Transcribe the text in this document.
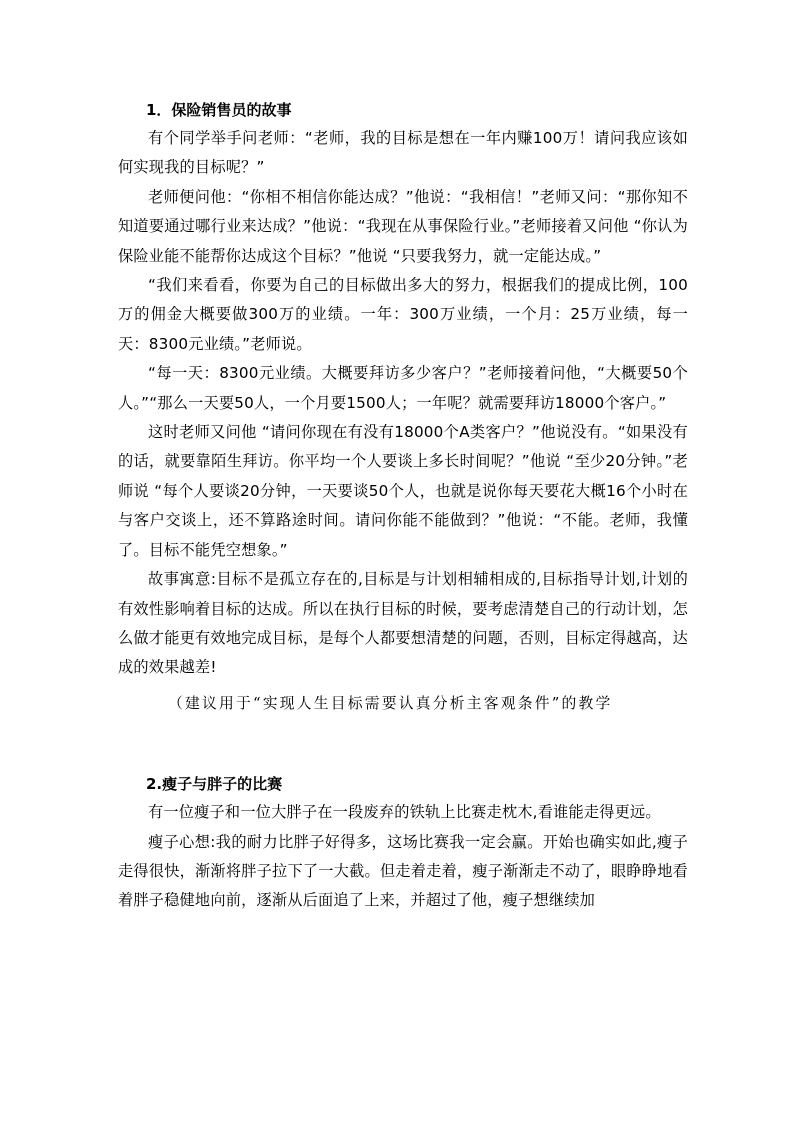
1．保险销售员的故事

有个同学举手问老师：“老师，我的目标是想在一年内赚100万！请问我应该如何实现我的目标呢？”

老师便问他：“你相不相信你能达成？”他说：“我相信！”老师又问：“那你知不知道要通过哪行业来达成？”他说：“我现在从事保险行业。”老师接着又问他 “你认为保险业能不能帮你达成这个目标？”他说 “只要我努力，就一定能达成。”

“我们来看看，你要为自己的目标做出多大的努力，根据我们的提成比例，100万的佣金大概要做300万的业绩。一年：300万业绩，一个月：25万业绩，每一天：8300元业绩。”老师说。

“每一天：8300元业绩。大概要拜访多少客户？”老师接着问他，“大概要50个人。”“那么一天要50人，一个月要1500人；一年呢？就需要拜访18000个客户。”

这时老师又问他 “请问你现在有没有18000个A类客户？”他说没有。“如果没有的话，就要靠陌生拜访。你平均一个人要谈上多长时间呢？”他说 “至少20分钟。”老师说 “每个人要谈20分钟，一天要谈50个人，也就是说你每天要花大概16个小时在与客户交谈上，还不算路途时间。请问你能不能做到？”他说：“不能。老师，我懂了。目标不能凭空想象。”

故事寓意:目标不是孤立存在的,目标是与计划相辅相成的,目标指导计划,计划的有效性影响着目标的达成。所以在执行目标的时候，要考虑清楚自己的行动计划，怎么做才能更有效地完成目标，是每个人都要想清楚的问题，否则，目标定得越高，达成的效果越差!

（建议用于“实现人生目标需要认真分析主客观条件”的教学

2.瘦子与胖子的比赛

有一位瘦子和一位大胖子在一段废弃的铁轨上比赛走枕木,看谁能走得更远。

瘦子心想:我的耐力比胖子好得多，这场比赛我一定会赢。开始也确实如此,瘦子走得很快，渐渐将胖子拉下了一大截。但走着走着，瘦子渐渐走不动了，眼睁睁地看着胖子稳健地向前，逐渐从后面追了上来，并超过了他，瘦子想继续加
